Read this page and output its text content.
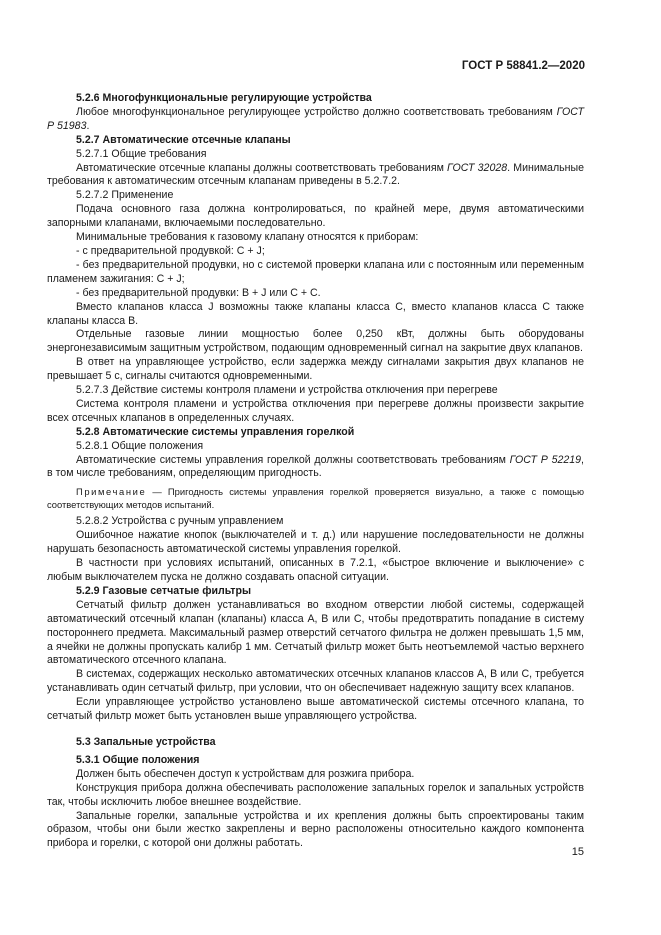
ГОСТ Р 58841.2—2020

5.2.6 Многофункциональные регулирующие устройства

Любое многофункциональное регулирующее устройство должно соответствовать требованиям ГОСТ Р 51983.

5.2.7 Автоматические отсечные клапаны

5.2.7.1 Общие требования

Автоматические отсечные клапаны должны соответствовать требованиям ГОСТ 32028. Минимальные требования к автоматическим отсечным клапанам приведены в 5.2.7.2.

5.2.7.2 Применение

Подача основного газа должна контролироваться, по крайней мере, двумя автоматическими запорными клапанами, включаемыми последовательно.

Минимальные требования к газовому клапану относятся к приборам:

- с предварительной продувкой: C + J;

- без предварительной продувки, но с системой проверки клапана или с постоянным или переменным пламенем зажигания: C + J;

- без предварительной продувки: B + J или C + C.

Вместо клапанов класса J возможны также клапаны класса C, вместо клапанов класса C также клапаны класса B.

Отдельные газовые линии мощностью более 0,250 кВт, должны быть оборудованы энергонезависимым защитным устройством, подающим одновременный сигнал на закрытие двух клапанов.

В ответ на управляющее устройство, если задержка между сигналами закрытия двух клапанов не превышает 5 с, сигналы считаются одновременными.

5.2.7.3 Действие системы контроля пламени и устройства отключения при перегреве

Система контроля пламени и устройства отключения при перегреве должны произвести закрытие всех отсечных клапанов в определенных случаях.

5.2.8 Автоматические системы управления горелкой

5.2.8.1 Общие положения

Автоматические системы управления горелкой должны соответствовать требованиям ГОСТ Р 52219, в том числе требованиям, определяющим пригодность.

Примечание — Пригодность системы управления горелкой проверяется визуально, а также с помощью соответствующих методов испытаний.

5.2.8.2 Устройства с ручным управлением

Ошибочное нажатие кнопок (выключателей и т. д.) или нарушение последовательности не должны нарушать безопасность автоматической системы управления горелкой.

В частности при условиях испытаний, описанных в 7.2.1, «быстрое включение и выключение» с любым выключателем пуска не должно создавать опасной ситуации.

5.2.9 Газовые сетчатые фильтры

Сетчатый фильтр должен устанавливаться во входном отверстии любой системы, содержащей автоматический отсечный клапан (клапаны) класса A, B или C, чтобы предотвратить попадание в систему постороннего предмета. Максимальный размер отверстий сетчатого фильтра не должен превышать 1,5 мм, а ячейки не должны пропускать калибр 1 мм. Сетчатый фильтр может быть неотъемлемой частью верхнего автоматического отсечного клапана.

В системах, содержащих несколько автоматических отсечных клапанов классов A, B или C, требуется устанавливать один сетчатый фильтр, при условии, что он обеспечивает надежную защиту всех клапанов.

Если управляющее устройство установлено выше автоматической системы отсечного клапана, то сетчатый фильтр может быть установлен выше управляющего устройства.

5.3 Запальные устройства

5.3.1 Общие положения

Должен быть обеспечен доступ к устройствам для розжига прибора.

Конструкция прибора должна обеспечивать расположение запальных горелок и запальных устройств так, чтобы исключить любое внешнее воздействие.

Запальные горелки, запальные устройства и их крепления должны быть спроектированы таким образом, чтобы они были жестко закреплены и верно расположены относительно каждого компонента прибора и горелки, с которой они должны работать.

15
